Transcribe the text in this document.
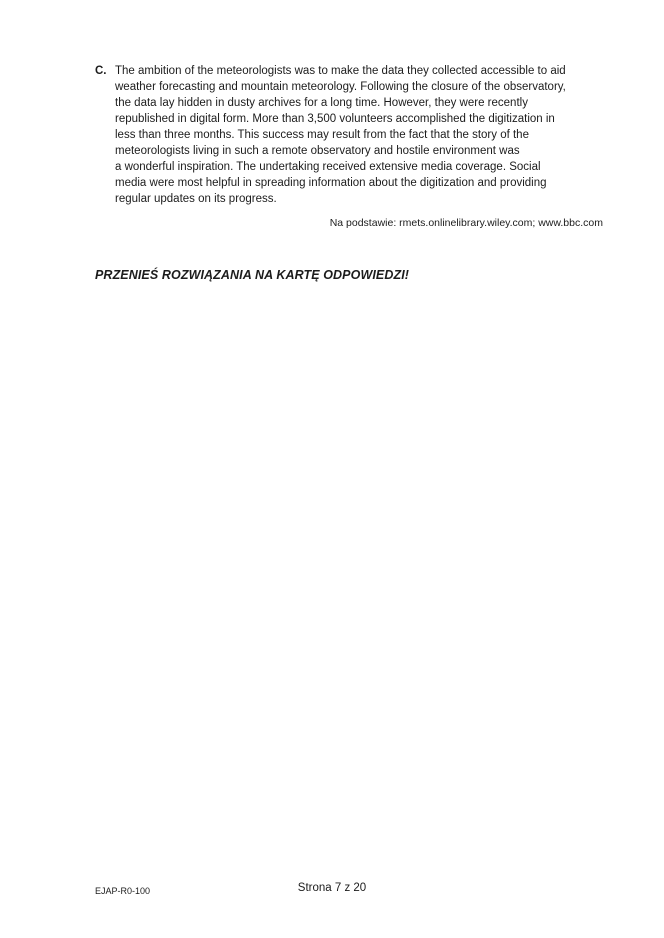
C. The ambition of the meteorologists was to make the data they collected accessible to aid
weather forecasting and mountain meteorology. Following the closure of the observatory,
the data lay hidden in dusty archives for a long time. However, they were recently
republished in digital form. More than 3,500 volunteers accomplished the digitization in
less than three months. This success may result from the fact that the story of the
meteorologists living in such a remote observatory and hostile environment was
a wonderful inspiration. The undertaking received extensive media coverage. Social
media were most helpful in spreading information about the digitization and providing
regular updates on its progress.
Na podstawie: rmets.onlinelibrary.wiley.com; www.bbc.com
PRZENIEŚ ROZWIĄZANIA NA KARTĘ ODPOWIEDZI!
EJAP-R0-100	Strona 7 z 20
